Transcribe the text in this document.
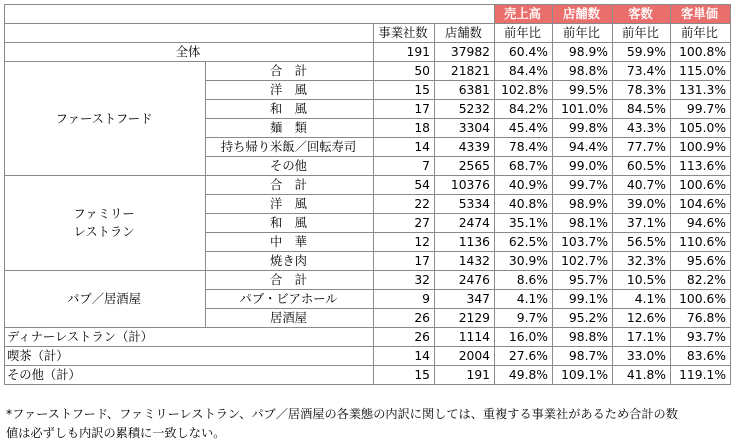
				売上高	店舗数	客数	客単価
		事業社数	店舗数	前年比	前年比	前年比	前年比
全体		191	37982	60.4%	98.9%	59.9%	100.8%
ファーストフード	合　計	50	21821	84.4%	98.8%	73.4%	115.0%
	洋　風	15	6381	102.8%	99.5%	78.3%	131.3%
	和　風	17	5232	84.2%	101.0%	84.5%	99.7%
	麺　類	18	3304	45.4%	99.8%	43.3%	105.0%
	持ち帰り米飯／回転寿司	14	4339	78.4%	94.4%	77.7%	100.9%
	その他	7	2565	68.7%	99.0%	60.5%	113.6%
ファミリー
レストラン	合　計	54	10376	40.9%	99.7%	40.7%	100.6%
	洋　風	22	5334	40.8%	98.9%	39.0%	104.6%
	和　風	27	2474	35.1%	98.1%	37.1%	94.6%
	中　華	12	1136	62.5%	103.7%	56.5%	110.6%
	焼き肉	17	1432	30.9%	102.7%	32.3%	95.6%
パブ／居酒屋	合　計	32	2476	8.6%	95.7%	10.5%	82.2%
	パブ・ビアホール	9	347	4.1%	99.1%	4.1%	100.6%
	居酒屋	26	2129	9.7%	95.2%	12.6%	76.8%
ディナーレストラン（計）		26	1114	16.0%	98.8%	17.1%	93.7%
喫茶（計）		14	2004	27.6%	98.7%	33.0%	83.6%
その他（計）		15	191	49.8%	109.1%	41.8%	119.1%
*ファーストフード、ファミリーレストラン、パブ／居酒屋の各業態の内訳に関しては、重複する事業社があるため合計の数
値は必ずしも内訳の累積に一致しない。
